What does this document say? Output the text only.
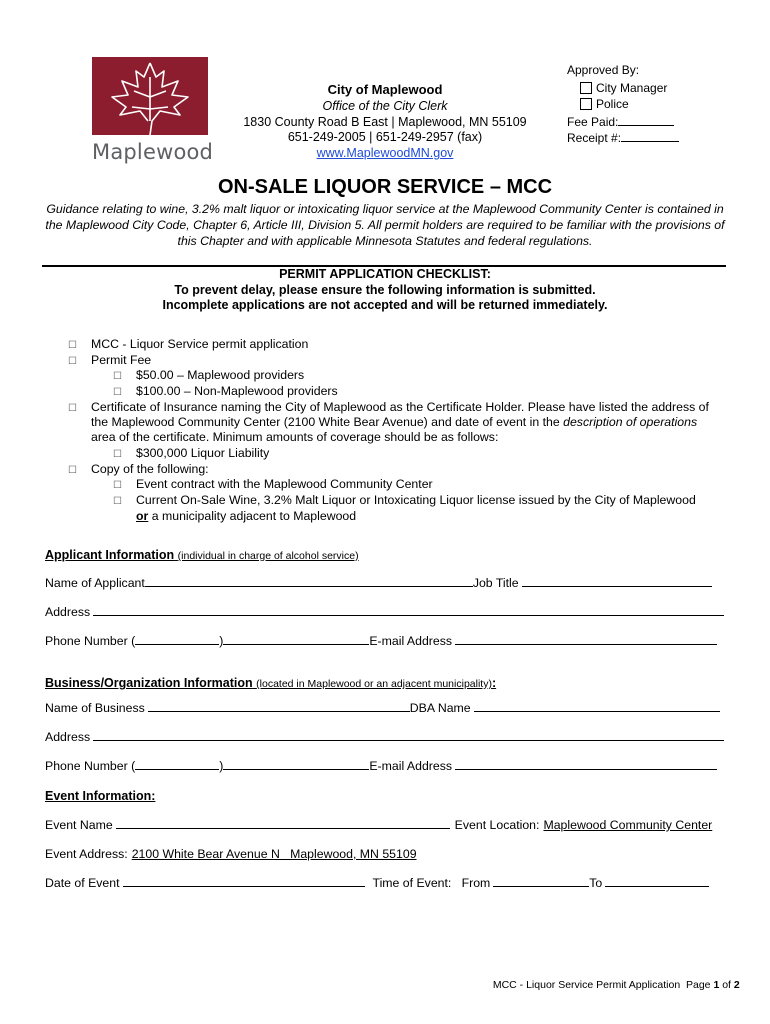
Maplewood
City of Maplewood
Office of the City Clerk
1830 County Road B East | Maplewood, MN 55109
651-249-2005 | 651-249-2957 (fax)
www.MaplewoodMN.gov
Approved By:
City Manager
Police
Fee Paid:
Receipt #:
ON-SALE LIQUOR SERVICE – MCC
Guidance relating to wine, 3.2% malt liquor or intoxicating liquor service at the Maplewood Community Center is contained in the Maplewood City Code, Chapter 6, Article III, Division 5. All permit holders are required to be familiar with the provisions of this Chapter and with applicable Minnesota Statutes and federal regulations.
PERMIT APPLICATION CHECKLIST:
To prevent delay, please ensure the following information is submitted.
Incomplete applications are not accepted and will be returned immediately.
☐ MCC - Liquor Service permit application
☐ Permit Fee
☐ $50.00 – Maplewood providers
☐ $100.00 – Non-Maplewood providers
☐ Certificate of Insurance naming the City of Maplewood as the Certificate Holder. Please have listed the address of
the Maplewood Community Center (2100 White Bear Avenue) and date of event in the description of operations
area of the certificate. Minimum amounts of coverage should be as follows:
☐ $300,000 Liquor Liability
☐ Copy of the following:
☐ Event contract with the Maplewood Community Center
☐ Current On-Sale Wine, 3.2% Malt Liquor or Intoxicating Liquor license issued by the City of Maplewood
or a municipality adjacent to Maplewood
Applicant Information (individual in charge of alcohol service)
Name of Applicant	Job Title
Address
Phone Number (	)	E-mail Address
Business/Organization Information (located in Maplewood or an adjacent municipality):
Name of Business	DBA Name
Address
Phone Number (	)	E-mail Address
Event Information:
Event Name	Event Location: Maplewood Community Center
Event Address: 2100 White Bear Avenue N   Maplewood, MN 55109
Date of Event	Time of Event:   From	To

MCC - Liquor Service Permit Application  Page 1 of 2
